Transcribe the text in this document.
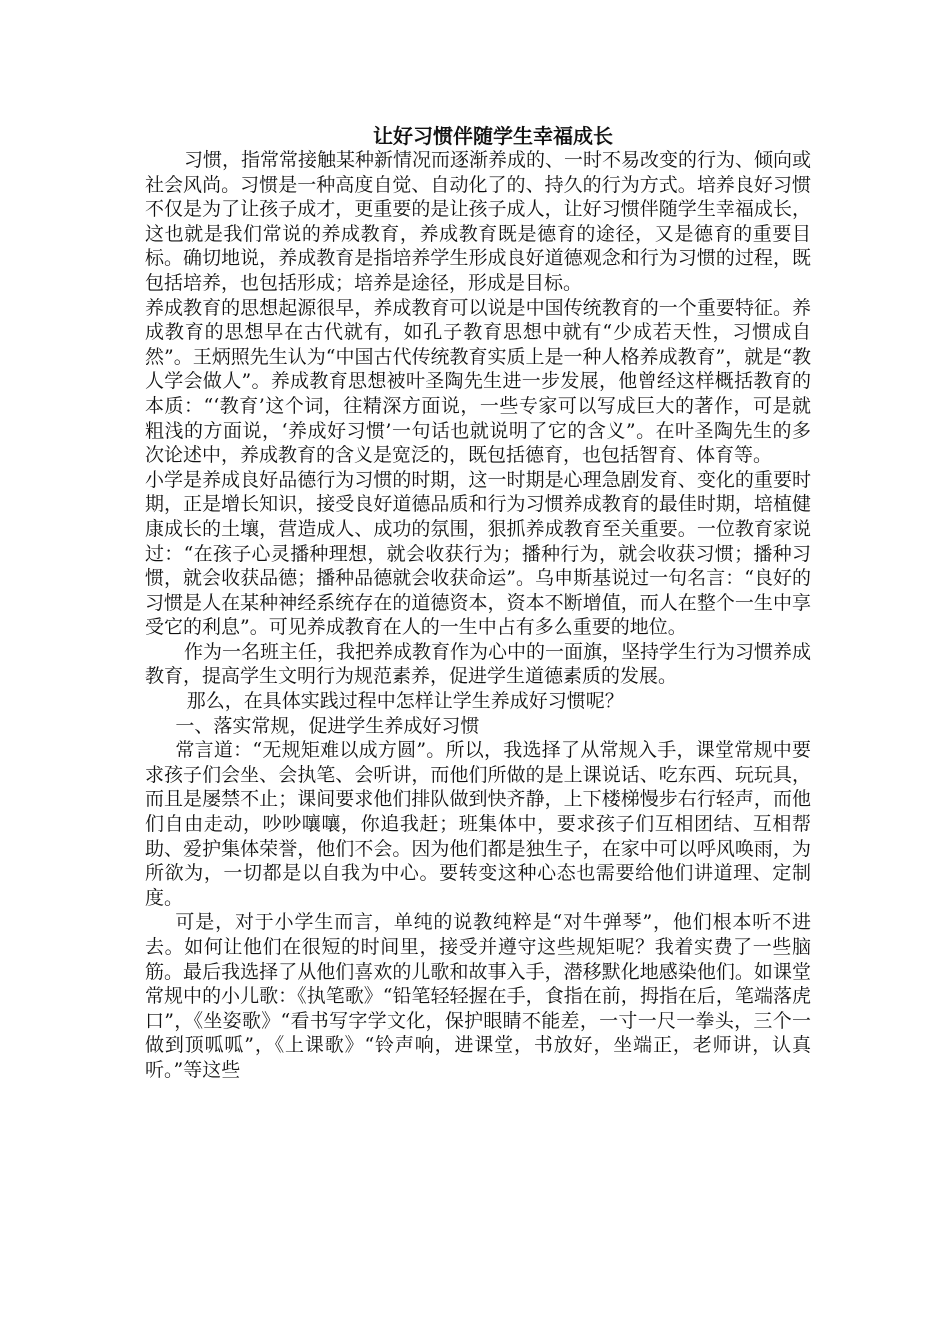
让好习惯伴随学生幸福成长

习惯，指常常接触某种新情况而逐渐养成的、一时不易改变的行为、倾向或社会风尚。习惯是一种高度自觉、自动化了的、持久的行为方式。培养良好习惯不仅是为了让孩子成才，更重要的是让孩子成人，让好习惯伴随学生幸福成长，这也就是我们常说的养成教育，养成教育既是德育的途径，又是德育的重要目标。确切地说，养成教育是指培养学生形成良好道德观念和行为习惯的过程，既包括培养，也包括形成；培养是途径，形成是目标。

养成教育的思想起源很早，养成教育可以说是中国传统教育的一个重要特征。养成教育的思想早在古代就有，如孔子教育思想中就有“少成若天性，习惯成自然”。王炳照先生认为“中国古代传统教育实质上是一种人格养成教育”，就是“教人学会做人”。养成教育思想被叶圣陶先生进一步发展，他曾经这样概括教育的本质：“‘教育’这个词，往精深方面说，一些专家可以写成巨大的著作，可是就粗浅的方面说，‘养成好习惯’一句话也就说明了它的含义”。在叶圣陶先生的多次论述中，养成教育的含义是宽泛的，既包括德育，也包括智育、体育等。

小学是养成良好品德行为习惯的时期，这一时期是心理急剧发育、变化的重要时期，正是增长知识，接受良好道德品质和行为习惯养成教育的最佳时期，培植健康成长的土壤，营造成人、成功的氛围，狠抓养成教育至关重要。一位教育家说过：“在孩子心灵播种理想，就会收获行为；播种行为，就会收获习惯；播种习惯，就会收获品德；播种品德就会收获命运”。乌申斯基说过一句名言：“良好的习惯是人在某种神经系统存在的道德资本，资本不断增值，而人在整个一生中享受它的利息”。可见养成教育在人的一生中占有多么重要的地位。

作为一名班主任，我把养成教育作为心中的一面旗，坚持学生行为习惯养成教育，提高学生文明行为规范素养，促进学生道德素质的发展。

那么，在具体实践过程中怎样让学生养成好习惯呢？

一、落实常规，促进学生养成好习惯

常言道：“无规矩难以成方圆”。所以，我选择了从常规入手，课堂常规中要求孩子们会坐、会执笔、会听讲，而他们所做的是上课说话、吃东西、玩玩具，而且是屡禁不止；课间要求他们排队做到快齐静，上下楼梯慢步右行轻声，而他们自由走动，吵吵嚷嚷，你追我赶；班集体中，要求孩子们互相团结、互相帮助、爱护集体荣誉，他们不会。因为他们都是独生子，在家中可以呼风唤雨，为所欲为，一切都是以自我为中心。要转变这种心态也需要给他们讲道理、定制度。

可是，对于小学生而言，单纯的说教纯粹是“对牛弹琴”，他们根本听不进去。如何让他们在很短的时间里，接受并遵守这些规矩呢？我着实费了一些脑筋。最后我选择了从他们喜欢的儿歌和故事入手，潜移默化地感染他们。如课堂常规中的小儿歌：《执笔歌》“铅笔轻轻握在手，食指在前，拇指在后，笔端落虎口”，《坐姿歌》“看书写字学文化，保护眼睛不能差，一寸一尺一拳头，三个一做到顶呱呱”，《上课歌》“铃声响，进课堂，书放好，坐端正，老师讲，认真听。”等这些
